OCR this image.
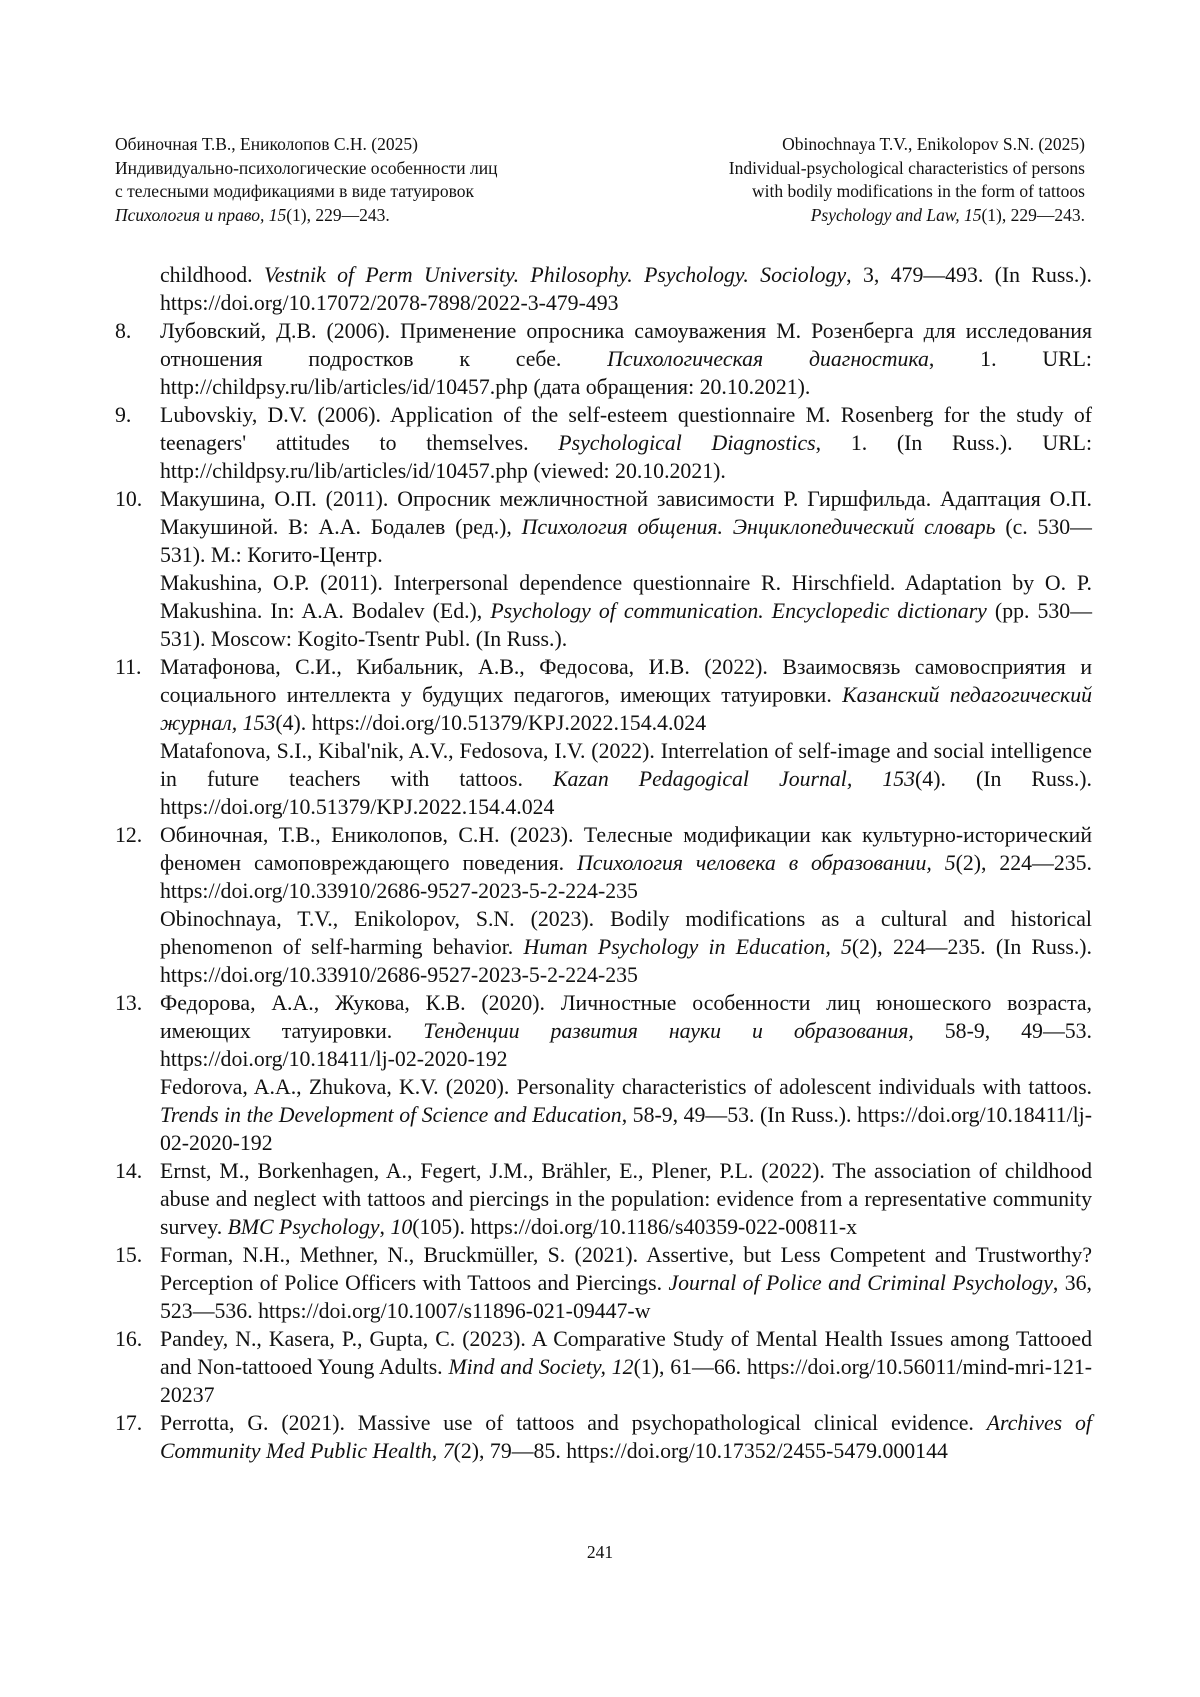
Обиночная Т.В., Ениколопов С.Н. (2025)
Индивидуально-психологические особенности лиц
с телесными модификациями в виде татуировок
Психология и право, 15(1), 229—243.
Obinochnaya T.V., Enikolopov S.N. (2025)
Individual-psychological characteristics of persons
with bodily modifications in the form of tattoos
Psychology and Law, 15(1), 229—243.

childhood. Vestnik of Perm University. Philosophy. Psychology. Sociology, 3, 479—493. (In Russ.). https://doi.org/10.17072/2078-7898/2022-3-479-493

8.	Лубовский, Д.В. (2006). Применение опросника самоуважения М. Розенберга для исследования отношения подростков к себе. Психологическая диагностика, 1. URL: http://childpsy.ru/lib/articles/id/10457.php (дата обращения: 20.10.2021).

9.	Lubovskiy, D.V. (2006). Application of the self-esteem questionnaire M. Rosenberg for the study of teenagers' attitudes to themselves. Psychological Diagnostics, 1. (In Russ.). URL: http://childpsy.ru/lib/articles/id/10457.php (viewed: 20.10.2021).

10. Макушина, О.П. (2011). Опросник межличностной зависимости Р. Гиршфильда. Адаптация О.П. Макушиной. В: А.А. Бодалев (ред.), Психология общения. Энциклопедический словарь (с. 530—531). М.: Когито-Центр.

Makushina, O.P. (2011). Interpersonal dependence questionnaire R. Hirschfield. Adaptation by O. P. Makushina. In: A.A. Bodalev (Ed.), Psychology of communication. Encyclopedic dictionary (pp. 530—531). Moscow: Kogito-Tsentr Publ. (In Russ.).

11. Матафонова, С.И., Кибальник, А.В., Федосова, И.В. (2022). Взаимосвязь самовосприятия и социального интеллекта у будущих педагогов, имеющих татуировки. Казанский педагогический журнал, 153(4). https://doi.org/10.51379/KPJ.2022.154.4.024

Matafonova, S.I., Kibal'nik, A.V., Fedosova, I.V. (2022). Interrelation of self-image and social intelligence in future teachers with tattoos. Kazan Pedagogical Journal, 153(4). (In Russ.). https://doi.org/10.51379/KPJ.2022.154.4.024

12. Обиночная, Т.В., Ениколопов, С.Н. (2023). Телесные модификации как культурно-исторический феномен самоповреждающего поведения. Психология человека в образовании, 5(2), 224—235. https://doi.org/10.33910/2686-9527-2023-5-2-224-235

Obinochnaya, T.V., Enikolopov, S.N. (2023). Bodily modifications as a cultural and historical phenomenon of self-harming behavior. Human Psychology in Education, 5(2), 224—235. (In Russ.). https://doi.org/10.33910/2686-9527-2023-5-2-224-235

13. Федорова, А.А., Жукова, К.В. (2020). Личностные особенности лиц юношеского возраста, имеющих татуировки. Тенденции развития науки и образования, 58-9, 49—53. https://doi.org/10.18411/lj-02-2020-192

Fedorova, A.A., Zhukova, K.V. (2020). Personality characteristics of adolescent individuals with tattoos. Trends in the Development of Science and Education, 58-9, 49—53. (In Russ.). https://doi.org/10.18411/lj-02-2020-192

14. Ernst, M., Borkenhagen, A., Fegert, J.M., Brähler, E., Plener, P.L. (2022). The association of childhood abuse and neglect with tattoos and piercings in the population: evidence from a representative community survey. BMC Psychology, 10(105). https://doi.org/10.1186/s40359-022-00811-x

15. Forman, N.H., Methner, N., Bruckmüller, S. (2021). Assertive, but Less Competent and Trustworthy? Perception of Police Officers with Tattoos and Piercings. Journal of Police and Criminal Psychology, 36, 523—536. https://doi.org/10.1007/s11896-021-09447-w

16. Pandey, N., Kasera, P., Gupta, C. (2023). A Comparative Study of Mental Health Issues among Tattooed and Non-tattooed Young Adults. Mind and Society, 12(1), 61—66. https://doi.org/10.56011/mind-mri-121-20237

17. Perrotta, G. (2021). Massive use of tattoos and psychopathological clinical evidence. Archives of Community Med Public Health, 7(2), 79—85. https://doi.org/10.17352/2455-5479.000144

241
